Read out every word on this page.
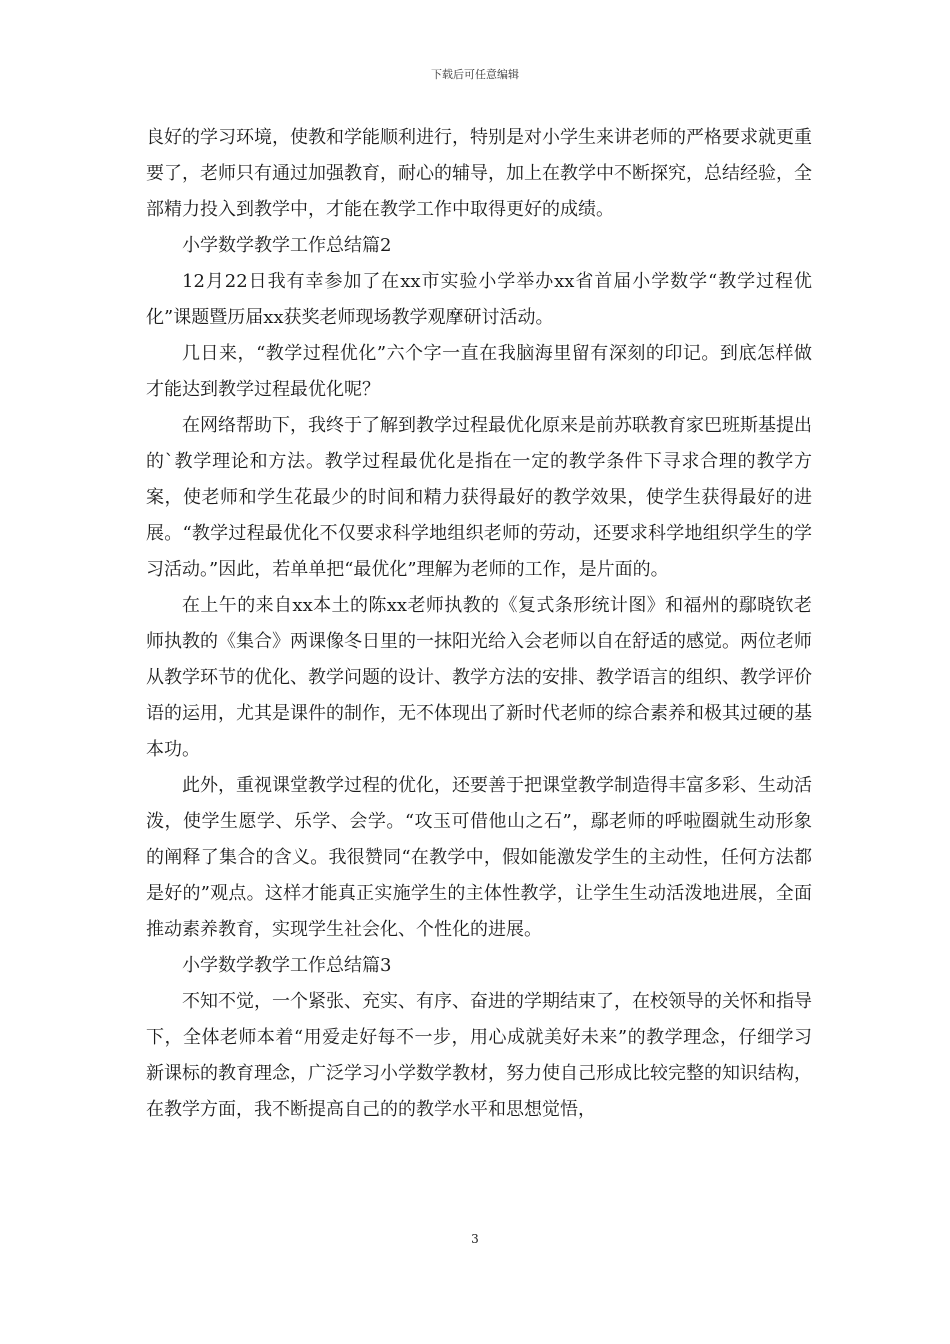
下载后可任意编辑

良好的学习环境，使教和学能顺利进行，特别是对小学生来讲老师的严格要求就更重要了，老师只有通过加强教育，耐心的辅导，加上在教学中不断探究，总结经验，全部精力投入到教学中，才能在教学工作中取得更好的成绩。

小学数学教学工作总结篇2

12月22日我有幸参加了在xx市实验小学举办xx省首届小学数学“教学过程优化”课题暨历届xx获奖老师现场教学观摩研讨活动。

几日来，“教学过程优化”六个字一直在我脑海里留有深刻的印记。到底怎样做才能达到教学过程最优化呢？

在网络帮助下，我终于了解到教学过程最优化原来是前苏联教育家巴班斯基提出的`教学理论和方法。教学过程最优化是指在一定的教学条件下寻求合理的教学方案，使老师和学生花最少的时间和精力获得最好的教学效果，使学生获得最好的进展。“教学过程最优化不仅要求科学地组织老师的劳动，还要求科学地组织学生的学习活动。”因此，若单单把“最优化”理解为老师的工作，是片面的。

在上午的来自xx本土的陈xx老师执教的《复式条形统计图》和福州的鄢晓钦老师执教的《集合》两课像冬日里的一抹阳光给入会老师以自在舒适的感觉。两位老师从教学环节的优化、教学问题的设计、教学方法的安排、教学语言的组织、教学评价语的运用，尤其是课件的制作，无不体现出了新时代老师的综合素养和极其过硬的基本功。

此外，重视课堂教学过程的优化，还要善于把课堂教学制造得丰富多彩、生动活泼，使学生愿学、乐学、会学。“攻玉可借他山之石”，鄢老师的呼啦圈就生动形象的阐释了集合的含义。我很赞同“在教学中，假如能激发学生的主动性，任何方法都是好的”观点。这样才能真正实施学生的主体性教学，让学生生动活泼地进展，全面推动素养教育，实现学生社会化、个性化的进展。

小学数学教学工作总结篇3

不知不觉，一个紧张、充实、有序、奋进的学期结束了，在校领导的关怀和指导下，全体老师本着“用爱走好每不一步，用心成就美好未来”的教学理念，仔细学习新课标的教育理念，广泛学习小学数学教材，努力使自己形成比较完整的知识结构，在教学方面，我不断提高自己的的教学水平和思想觉悟，

3
